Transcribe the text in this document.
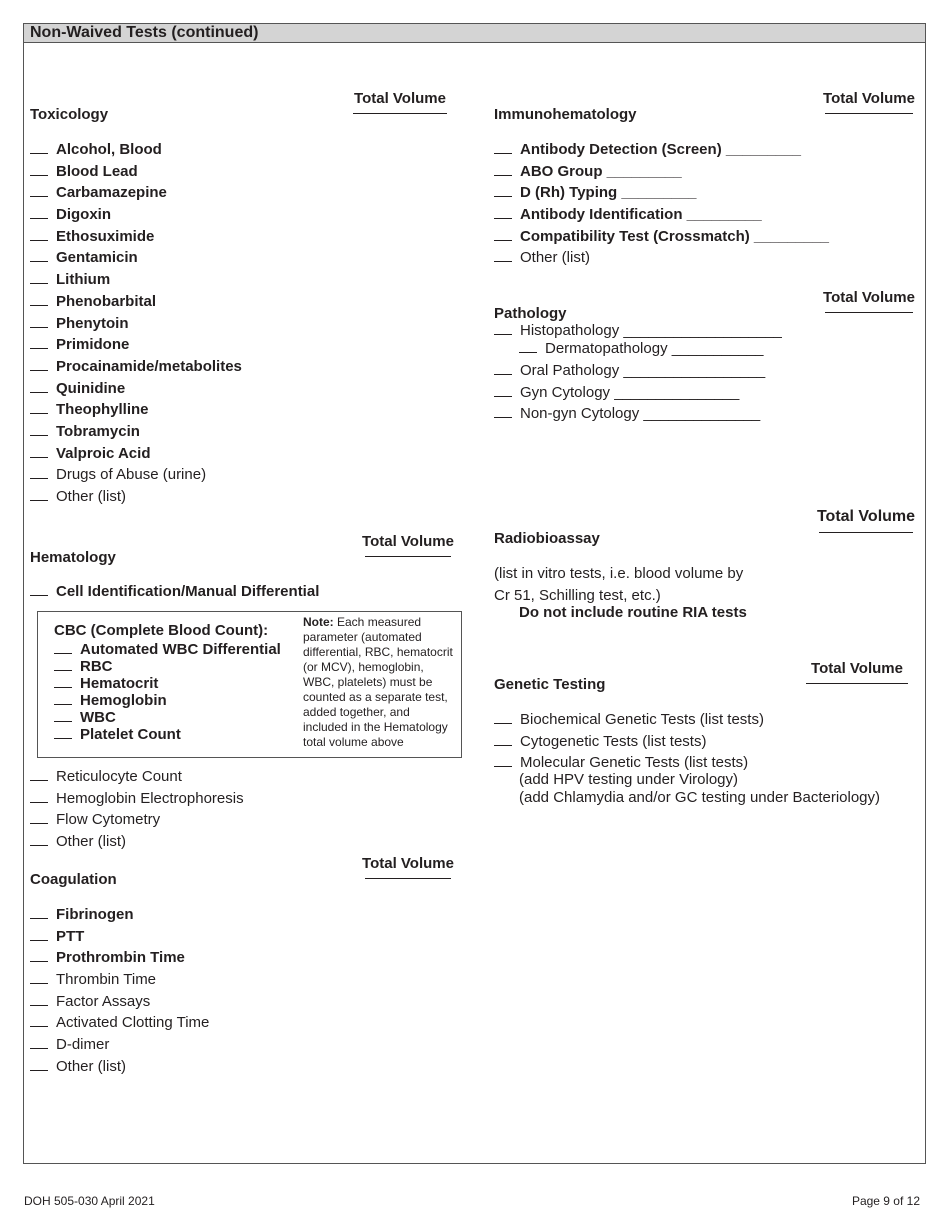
Non-Waived Tests (continued)
Toxicology
Total Volume
Alcohol, Blood
Blood Lead
Carbamazepine
Digoxin
Ethosuximide
Gentamicin
Lithium
Phenobarbital
Phenytoin
Primidone
Procainamide/metabolites
Quinidine
Theophylline
Tobramycin
Valproic Acid
Drugs of Abuse (urine)
Other (list)
Immunohematology
Total Volume
Antibody Detection (Screen) _________
ABO Group _________
D (Rh) Typing _________
Antibody Identification _________
Compatibility Test (Crossmatch) _________
Other (list)
Pathology
Total Volume
Histopathology ___________________
Dermatopathology ___________
Oral Pathology _________________
Gyn Cytology _______________
Non-gyn Cytology ______________
Hematology
Total Volume
Cell Identification/Manual Differential
CBC (Complete Blood Count):
Automated WBC Differential
RBC
Hematocrit
Hemoglobin
WBC
Platelet Count
Note: Each measured parameter (automated differential, RBC, hematocrit (or MCV), hemoglobin, WBC, platelets) must be counted as a separate test, added together, and included in the Hematology total volume above
Reticulocyte Count
Hemoglobin Electrophoresis
Flow Cytometry
Other (list)
Radiobioassay
Total Volume
(list in vitro tests, i.e. blood volume by
Cr 51, Schilling test, etc.)
Do not include routine RIA tests
Genetic Testing
Total Volume
Biochemical Genetic Tests (list tests)
Cytogenetic Tests (list tests)
Molecular Genetic Tests (list tests)
(add HPV testing under Virology)
(add Chlamydia and/or GC testing under Bacteriology)
Coagulation
Total Volume
Fibrinogen
PTT
Prothrombin Time
Thrombin Time
Factor Assays
Activated Clotting Time
D-dimer
Other (list)
DOH 505-030 April 2021	Page 9 of 12
